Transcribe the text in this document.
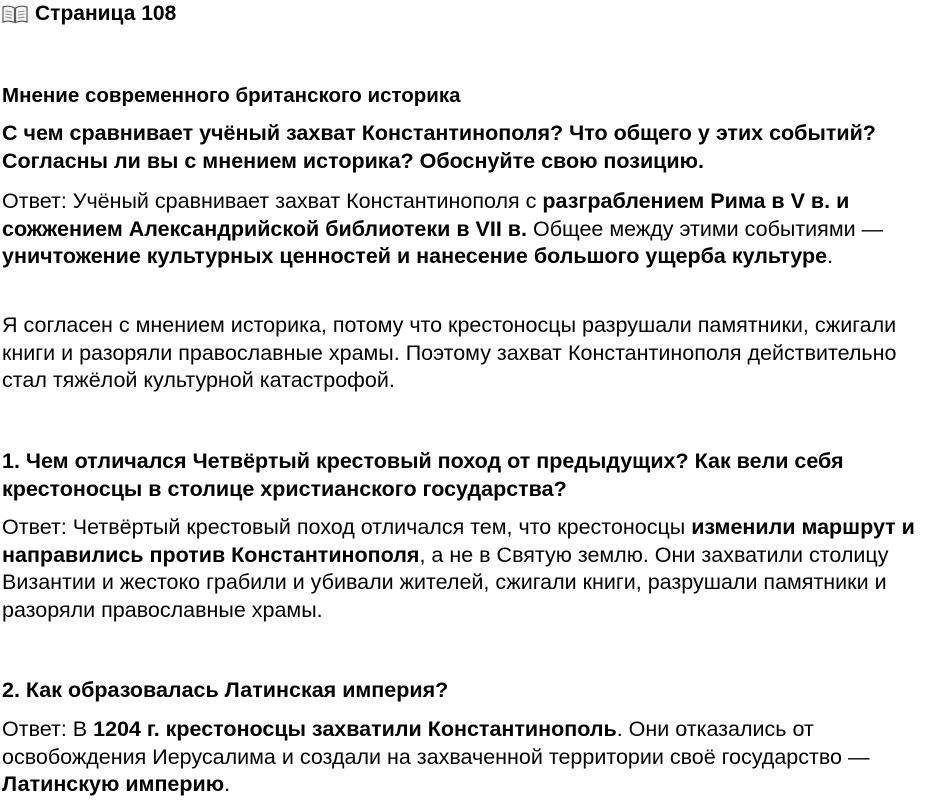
Страница 108

Мнение современного британского историка

С чем сравнивает учёный захват Константинополя? Что общего у этих событий? Согласны ли вы с мнением историка? Обоснуйте свою позицию.

Ответ: Учёный сравнивает захват Константинополя с разграблением Рима в V в. и сожжением Александрийской библиотеки в VII в. Общее между этими событиями — уничтожение культурных ценностей и нанесение большого ущерба культуре.

Я согласен с мнением историка, потому что крестоносцы разрушали памятники, сжигали книги и разоряли православные храмы. Поэтому захват Константинополя действительно стал тяжёлой культурной катастрофой.

1. Чем отличался Четвёртый крестовый поход от предыдущих? Как вели себя крестоносцы в столице христианского государства?

Ответ: Четвёртый крестовый поход отличался тем, что крестоносцы изменили маршрут и направились против Константинополя, а не в Святую землю. Они захватили столицу Византии и жестоко грабили и убивали жителей, сжигали книги, разрушали памятники и разоряли православные храмы.

2. Как образовалась Латинская империя?

Ответ: В 1204 г. крестоносцы захватили Константинополь. Они отказались от освобождения Иерусалима и создали на захваченной территории своё государство — Латинскую империю.
